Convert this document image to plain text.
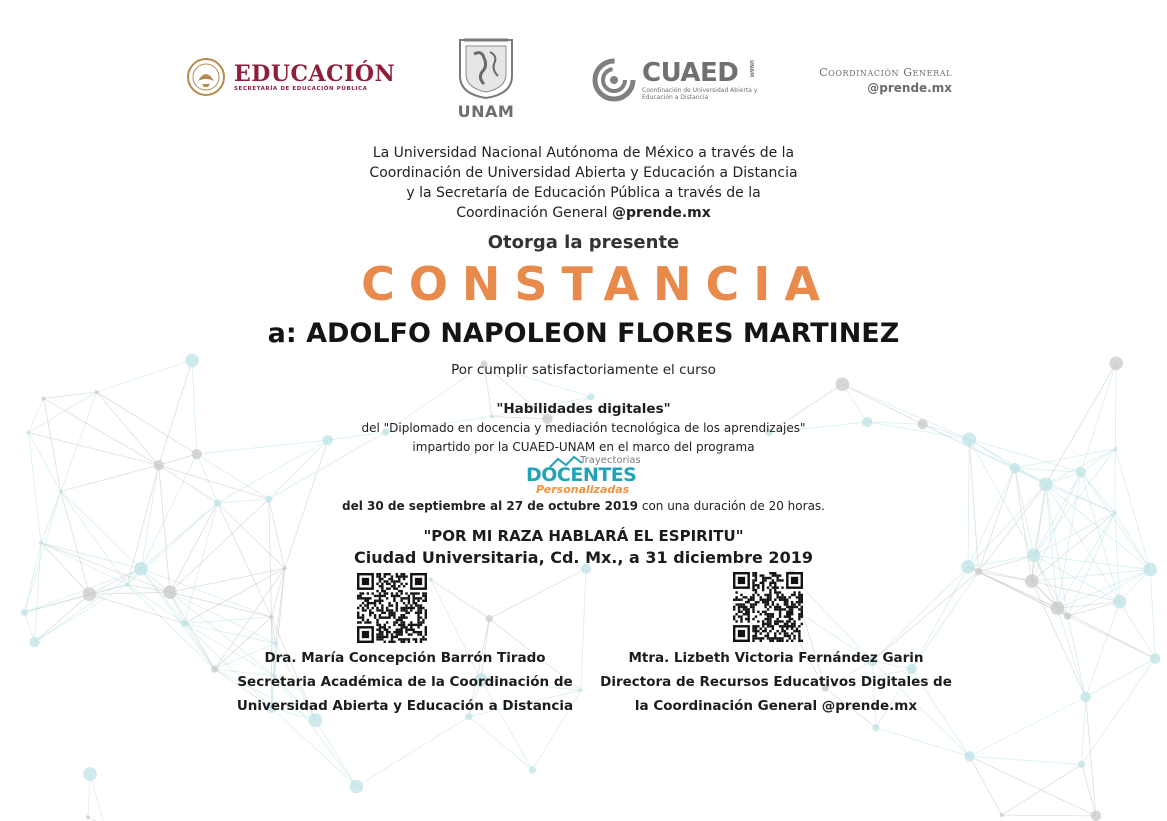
EDUCACIÓN
SECRETARÍA DE EDUCACIÓN PÚBLICA
UNAM
CUAED
Coordinación de Universidad Abierta y Educación a Distancia
UNAM	Coordinación General
@prende.mx
La Universidad Nacional Autónoma de México a través de la
Coordinación de Universidad Abierta y Educación a Distancia
y la Secretaría de Educación Pública a través de la
Coordinación General @prende.mx
Otorga la presente
CONSTANCIA
a: ADOLFO NAPOLEON FLORES MARTINEZ
Por cumplir satisfactoriamente el curso
"Habilidades digitales"
del "Diplomado en docencia y mediación tecnológica de los aprendizajes"
impartido por la CUAED-UNAM en el marco del programa
Trayectorias
DOCENTES
Personalizadas
del 30 de septiembre al 27 de octubre 2019 con una duración de 20 horas.
"POR MI RAZA HABLARÁ EL ESPIRITU"
Ciudad Universitaria, Cd. Mx., a 31 diciembre 2019
Dra. María Concepción Barrón Tirado
Secretaria Académica de la Coordinación de
Universidad Abierta y Educación a Distancia
Mtra. Lizbeth Victoria Fernández Garin
Directora de Recursos Educativos Digitales de
la Coordinación General @prende.mx
